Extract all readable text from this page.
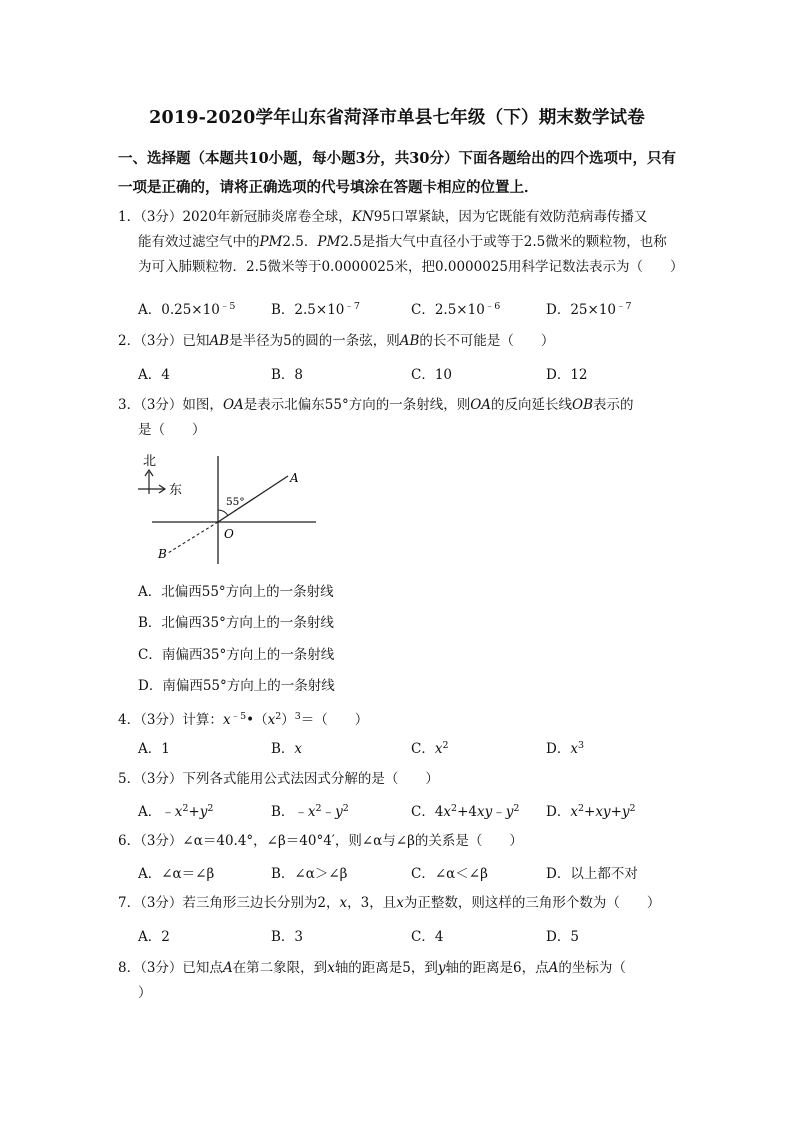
2019-2020学年山东省菏泽市单县七年级（下）期末数学试卷
一、选择题（本题共10小题，每小题3分，共30分）下面各题给出的四个选项中，只有
一项是正确的，请将正确选项的代号填涂在答题卡相应的位置上．
1．（3分）2020年新冠肺炎席卷全球，KN95口罩紧缺，因为它既能有效防范病毒传播又
能有效过滤空气中的PM2.5．PM2.5是指大气中直径小于或等于2.5微米的颗粒物，也称
为可入肺颗粒物．2.5微米等于0.0000025米，把0.0000025用科学记数法表示为（　　）
A．$0.25\times 10^{﹣5}$	B．$2.5\times 10^{﹣7}$	C．$2.5\times 10^{﹣6}$	D．$25\times 10^{﹣7}$
2．（3分）已知AB是半径为5的圆的一条弦，则AB的长不可能是（　　）
A．4	B．8	C．10	D．12
3．（3分）如图，OA是表示北偏东55°方向的一条射线，则OA的反向延长线OB表示的
是（　　）
北
东
55°
A
O
B
A．北偏西55°方向上的一条射线
B．北偏西35°方向上的一条射线
C．南偏西35°方向上的一条射线
D．南偏西55°方向上的一条射线
4．（3分）计算：$x^{﹣5}•(x^2)^3=$（　　）
A．1	B．x	C．$x^2$	D．$x^3$
5．（3分）下列各式能用公式法因式分解的是（　　）
A．$﹣x^2+y^2$	B．$﹣x^2﹣y^2$	C．$4x^2+4xy﹣y^2$ D．$x^2+xy+y^2$
6．（3分）∠α＝40.4°，∠β＝40°4′，则∠α与∠β的关系是（　　）
A．∠α＝∠β	B．∠α＞∠β	C．∠α＜∠β	D．以上都不对
7．（3分）若三角形三边长分别为2，x，3，且x为正整数，则这样的三角形个数为（　　）
A．2	B．3	C．4	D．5
8．（3分）已知点A在第二象限，到x轴的距离是5，到y轴的距离是6，点A的坐标为（
）
